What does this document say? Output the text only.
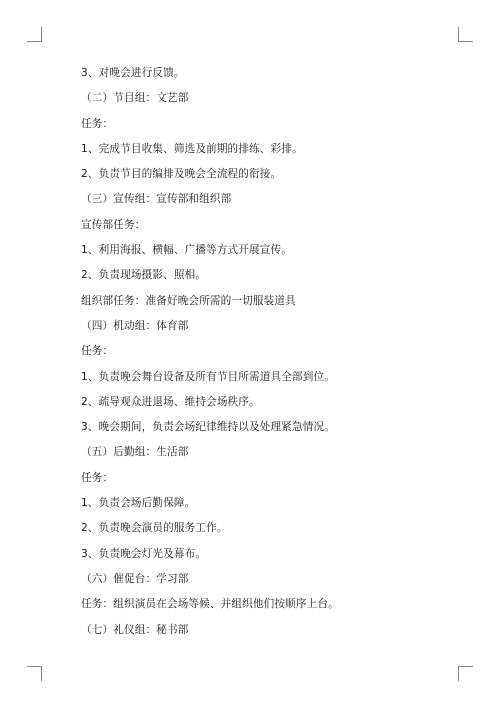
3、对晚会进行反馈。
（二）节目组：文艺部
任务：
1、完成节目收集、筛选及前期的排练、彩排。
2、负责节目的编排及晚会全流程的衔接。
（三）宣传组：宣传部和组织部
宣传部任务：
1、利用海报、横幅、广播等方式开展宣传。
2、负责现场摄影、照相。
组织部任务：准备好晚会所需的一切服装道具
（四）机动组：体育部
任务：
1、负责晚会舞台设备及所有节目所需道具全部到位。
2、疏导观众进退场、维持会场秩序。
3、晚会期间，负责会场纪律维持以及处理紧急情况。
（五）后勤组：生活部
任务：
1、负责会场后勤保障。
2、负责晚会演员的服务工作。
3、负责晚会灯光及幕布。
（六）催促台：学习部
任务：组织演员在会场等候、并组织他们按顺序上台。
（七）礼仪组：秘书部
